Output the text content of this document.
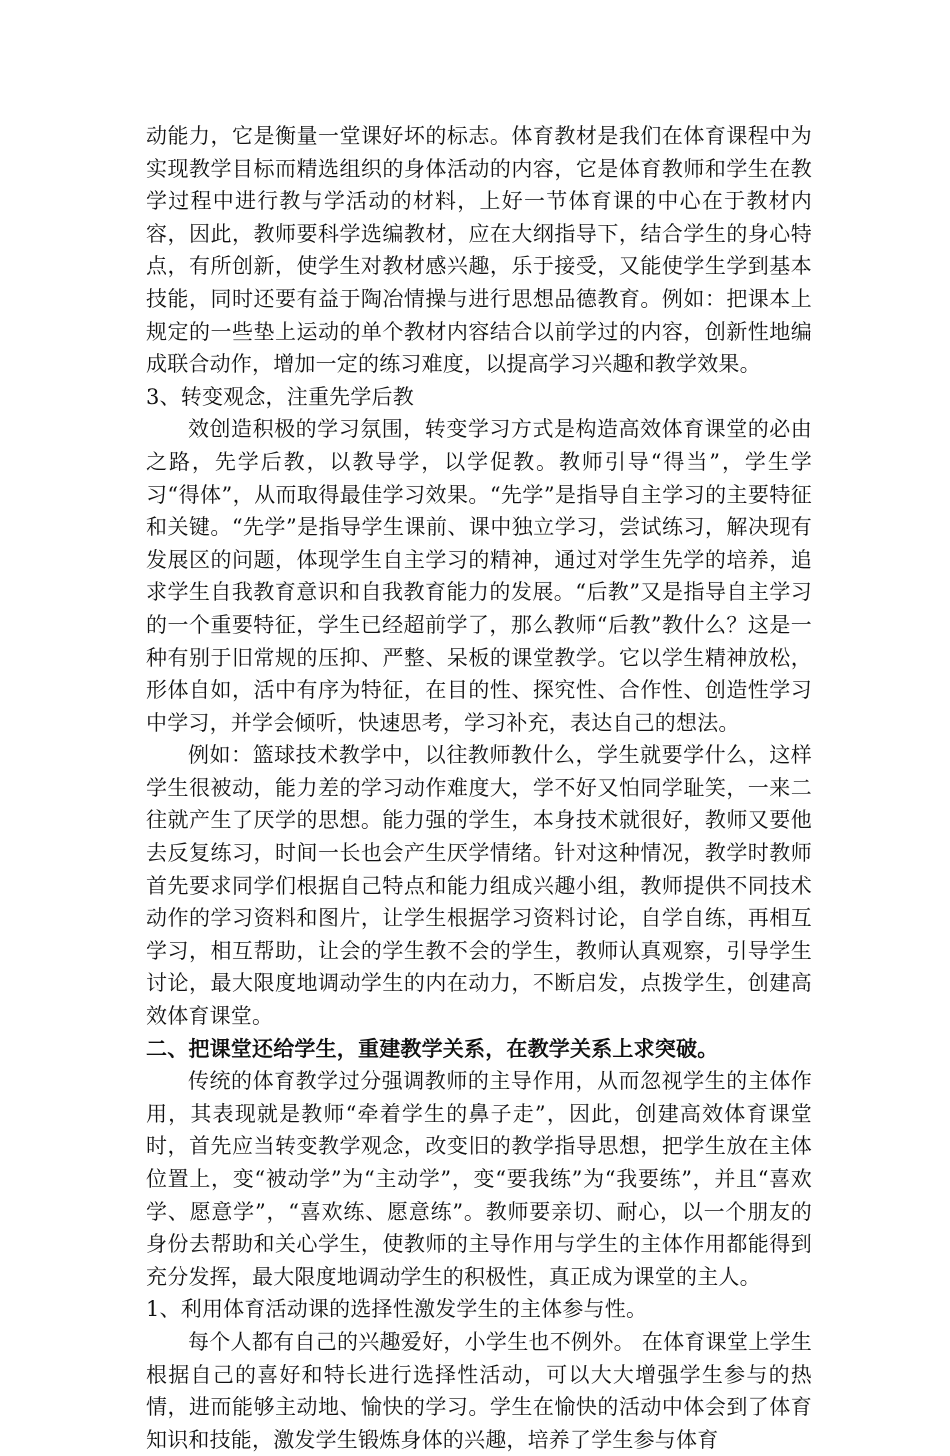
动能力，它是衡量一堂课好坏的标志。体育教材是我们在体育课程中为实现教学目标而精选组织的身体活动的内容，它是体育教师和学生在教学过程中进行教与学活动的材料，上好一节体育课的中心在于教材内容，因此，教师要科学选编教材，应在大纲指导下，结合学生的身心特点，有所创新，使学生对教材感兴趣，乐于接受，又能使学生学到基本技能，同时还要有益于陶冶情操与进行思想品德教育。例如：把课本上规定的一些垫上运动的单个教材内容结合以前学过的内容，创新性地编成联合动作，增加一定的练习难度，以提高学习兴趣和教学效果。

3、转变观念，注重先学后教

效创造积极的学习氛围，转变学习方式是构造高效体育课堂的必由之路，先学后教，以教导学，以学促教。教师引导“得当”，学生学习“得体”，从而取得最佳学习效果。“先学”是指导自主学习的主要特征和关键。“先学”是指导学生课前、课中独立学习，尝试练习，解决现有发展区的问题，体现学生自主学习的精神，通过对学生先学的培养，追求学生自我教育意识和自我教育能力的发展。“后教”又是指导自主学习的一个重要特征，学生已经超前学了，那么教师“后教”教什么？这是一种有别于旧常规的压抑、严整、呆板的课堂教学。它以学生精神放松，形体自如，活中有序为特征，在目的性、探究性、合作性、创造性学习中学习，并学会倾听，快速思考，学习补充，表达自己的想法。

例如：篮球技术教学中，以往教师教什么，学生就要学什么，这样学生很被动，能力差的学习动作难度大，学不好又怕同学耻笑，一来二往就产生了厌学的思想。能力强的学生，本身技术就很好，教师又要他去反复练习，时间一长也会产生厌学情绪。针对这种情况，教学时教师首先要求同学们根据自己特点和能力组成兴趣小组，教师提供不同技术动作的学习资料和图片，让学生根据学习资料讨论，自学自练，再相互学习，相互帮助，让会的学生教不会的学生，教师认真观察，引导学生讨论，最大限度地调动学生的内在动力，不断启发，点拨学生，创建高效体育课堂。

二、把课堂还给学生，重建教学关系，在教学关系上求突破。

传统的体育教学过分强调教师的主导作用，从而忽视学生的主体作用，其表现就是教师“牵着学生的鼻子走”，因此，创建高效体育课堂时，首先应当转变教学观念，改变旧的教学指导思想，把学生放在主体位置上，变“被动学”为“主动学”，变“要我练”为“我要练”，并且“喜欢学、愿意学”，“喜欢练、愿意练”。教师要亲切、耐心，以一个朋友的身份去帮助和关心学生，使教师的主导作用与学生的主体作用都能得到充分发挥，最大限度地调动学生的积极性，真正成为课堂的主人。

1、利用体育活动课的选择性激发学生的主体参与性。

每个人都有自己的兴趣爱好，小学生也不例外。 在体育课堂上学生根据自己的喜好和特长进行选择性活动，可以大大增强学生参与的热情，进而能够主动地、愉快的学习。学生在愉快的活动中体会到了体育知识和技能，激发学生锻炼身体的兴趣，培养了学生参与体育
